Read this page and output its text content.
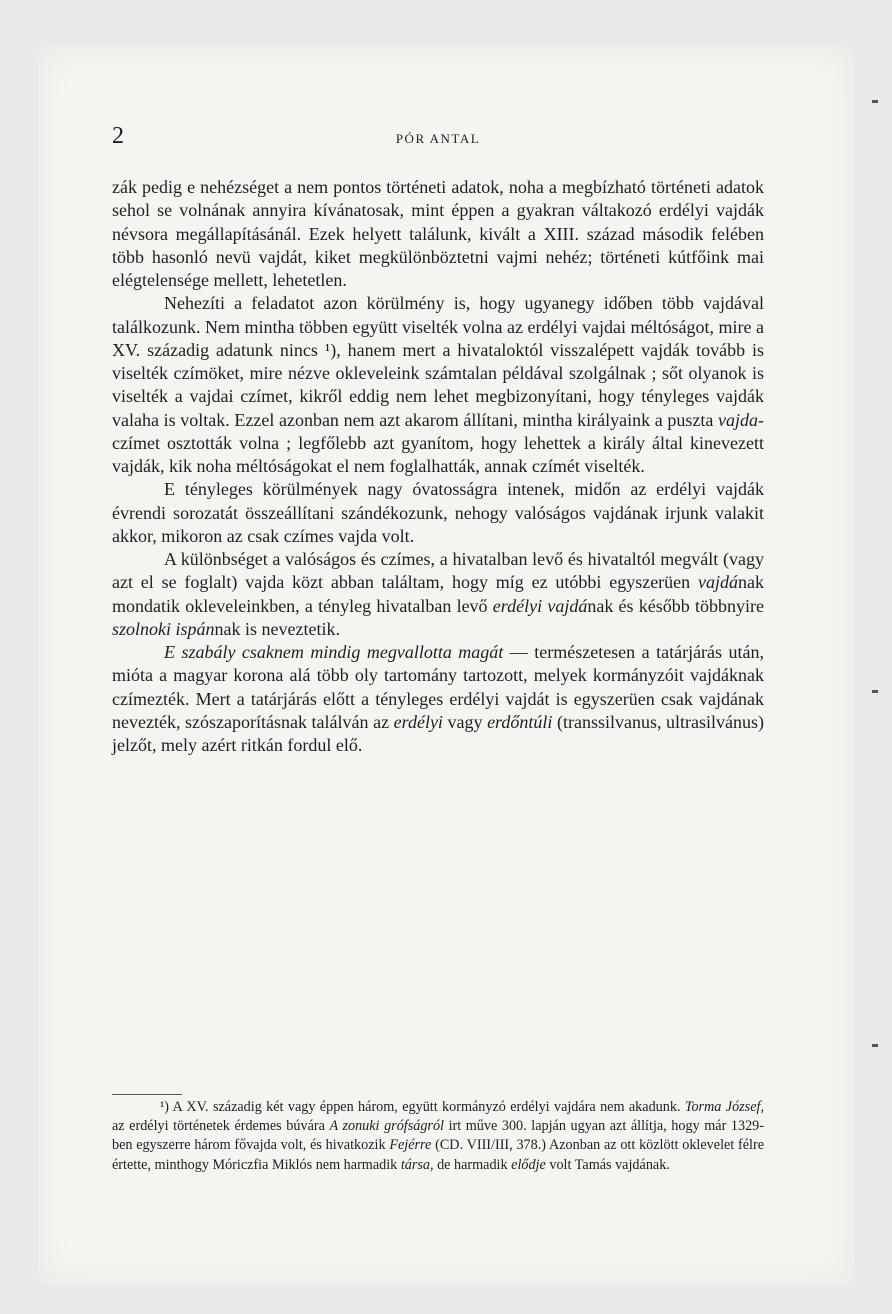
2	PÓR ANTAL

zák pedig e nehézséget a nem pontos történeti adatok, noha a megbízható történeti adatok sehol se volnának annyira kívánatosak, mint éppen a gyakran váltakozó erdélyi vajdák névsora megállapításánál. Ezek helyett találunk, kivált a XIII. század második felében több hasonló nevü vajdát, kiket megkülönböztetni vajmi nehéz; történeti kútfőink mai elégtelensége mellett, lehetetlen.

Nehezíti a feladatot azon körülmény is, hogy ugyanegy időben több vajdával találkozunk. Nem mintha többen együtt viselték volna az erdélyi vajdai méltóságot, mire a XV. századig adatunk nincs ¹), hanem mert a hivataloktól visszalépett vajdák tovább is viselték czímöket, mire nézve okleveleink számtalan példával szolgálnak ; sőt olyanok is viselték a vajdai czímet, kikről eddig nem lehet megbizonyítani, hogy tényleges vajdák valaha is voltak. Ezzel azonban nem azt akarom állítani, mintha királyaink a puszta vajda-czímet osztották volna ; legfőlebb azt gyanítom, hogy lehettek a király által kinevezett vajdák, kik noha méltóságokat el nem foglalhatták, annak czímét viselték.

E tényleges körülmények nagy óvatosságra intenek, midőn az erdélyi vajdák évrendi sorozatát összeállítani szándékozunk, nehogy valóságos vajdának irjunk valakit akkor, mikoron az csak czímes vajda volt.

A különbséget a valóságos és czímes, a hivatalban levő és hivataltól megvált (vagy azt el se foglalt) vajda közt abban találtam, hogy míg ez utóbbi egyszerüen vajdának mondatik okleveleinkben, a tényleg hivatalban levő erdélyi vajdának és később többnyire szolnoki ispánnak is neveztetik.

E szabály csaknem mindig megvallotta magát — természetesen a tatárjárás után, mióta a magyar korona alá több oly tartomány tartozott, melyek kormányzóit vajdáknak czímezték. Mert a tatárjárás előtt a tényleges erdélyi vajdát is egyszerüen csak vajdának nevezték, szószaporításnak találván az erdélyi vagy erdőntúli (transsilvanus, ultrasilvánus) jelzőt, mely azért ritkán fordul elő.

¹) A XV. századig két vagy éppen három, együtt kormányzó erdélyi vajdára nem akadunk. Torma József, az erdélyi történetek érdemes búvára A zonuki grófságról irt műve 300. lapján ugyan azt állítja, hogy már 1329-ben egyszerre három fővajda volt, és hivatkozik Fejérre (CD. VIII/III, 378.) Azonban az ott közlött oklevelet félre értette, minthogy Móriczfia Miklós nem harmadik társa, de harmadik elődje volt Tamás vajdának.
